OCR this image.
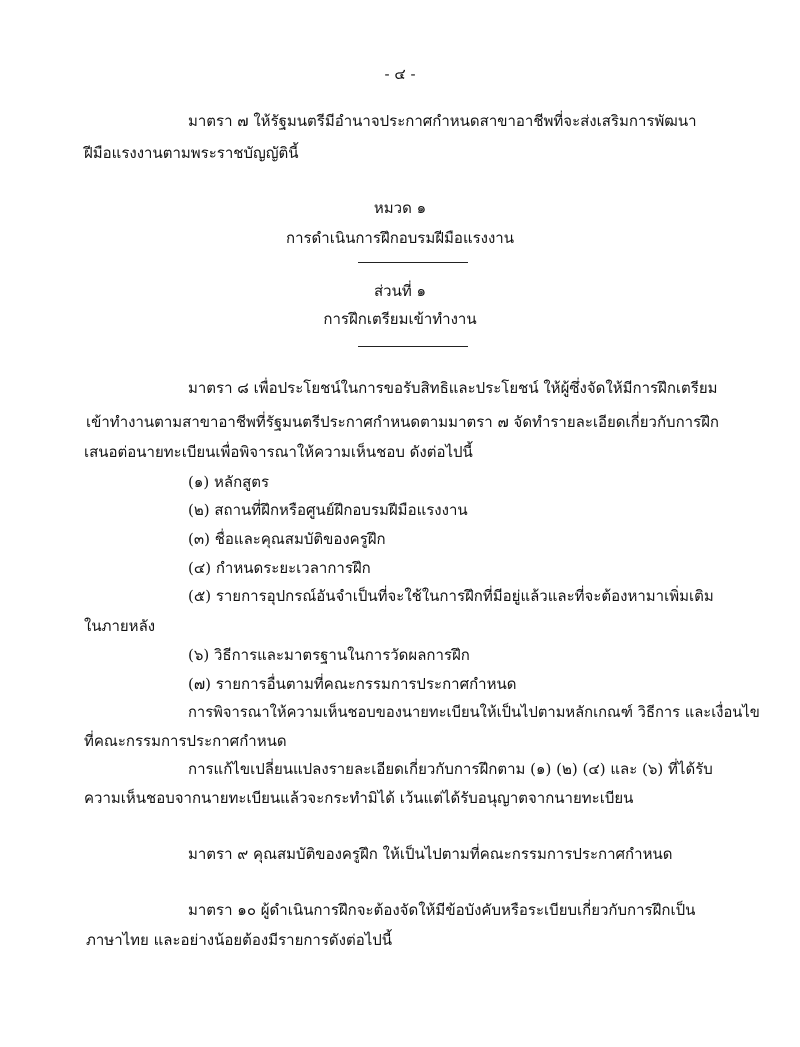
- ๔ -
มาตรา ๗ ให้รัฐมนตรีมีอำนาจประกาศกำหนดสาขาอาชีพที่จะส่งเสริมการพัฒนา
ฝีมือแรงงานตามพระราชบัญญัตินี้
หมวด ๑
การดำเนินการฝึกอบรมฝีมือแรงงาน
ส่วนที่ ๑
การฝึกเตรียมเข้าทำงาน
มาตรา ๘ เพื่อประโยชน์ในการขอรับสิทธิและประโยชน์ ให้ผู้ซึ่งจัดให้มีการฝึกเตรียม
เข้าทำงานตามสาขาอาชีพที่รัฐมนตรีประกาศกำหนดตามมาตรา ๗ จัดทำรายละเอียดเกี่ยวกับการฝึก
เสนอต่อนายทะเบียนเพื่อพิจารณาให้ความเห็นชอบ ดังต่อไปนี้
(๑) หลักสูตร
(๒) สถานที่ฝึกหรือศูนย์ฝึกอบรมฝีมือแรงงาน
(๓) ชื่อและคุณสมบัติของครูฝึก
(๔) กำหนดระยะเวลาการฝึก
(๕) รายการอุปกรณ์อันจำเป็นที่จะใช้ในการฝึกที่มีอยู่แล้วและที่จะต้องหามาเพิ่มเติม
ในภายหลัง
(๖) วิธีการและมาตรฐานในการวัดผลการฝึก
(๗) รายการอื่นตามที่คณะกรรมการประกาศกำหนด
การพิจารณาให้ความเห็นชอบของนายทะเบียนให้เป็นไปตามหลักเกณฑ์ วิธีการ และเงื่อนไข
ที่คณะกรรมการประกาศกำหนด
การแก้ไขเปลี่ยนแปลงรายละเอียดเกี่ยวกับการฝึกตาม (๑) (๒) (๔) และ (๖) ที่ได้รับ
ความเห็นชอบจากนายทะเบียนแล้วจะกระทำมิได้ เว้นแต่ได้รับอนุญาตจากนายทะเบียน
มาตรา ๙ คุณสมบัติของครูฝึก ให้เป็นไปตามที่คณะกรรมการประกาศกำหนด
มาตรา ๑๐ ผู้ดำเนินการฝึกจะต้องจัดให้มีข้อบังคับหรือระเบียบเกี่ยวกับการฝึกเป็น
ภาษาไทย และอย่างน้อยต้องมีรายการดังต่อไปนี้
